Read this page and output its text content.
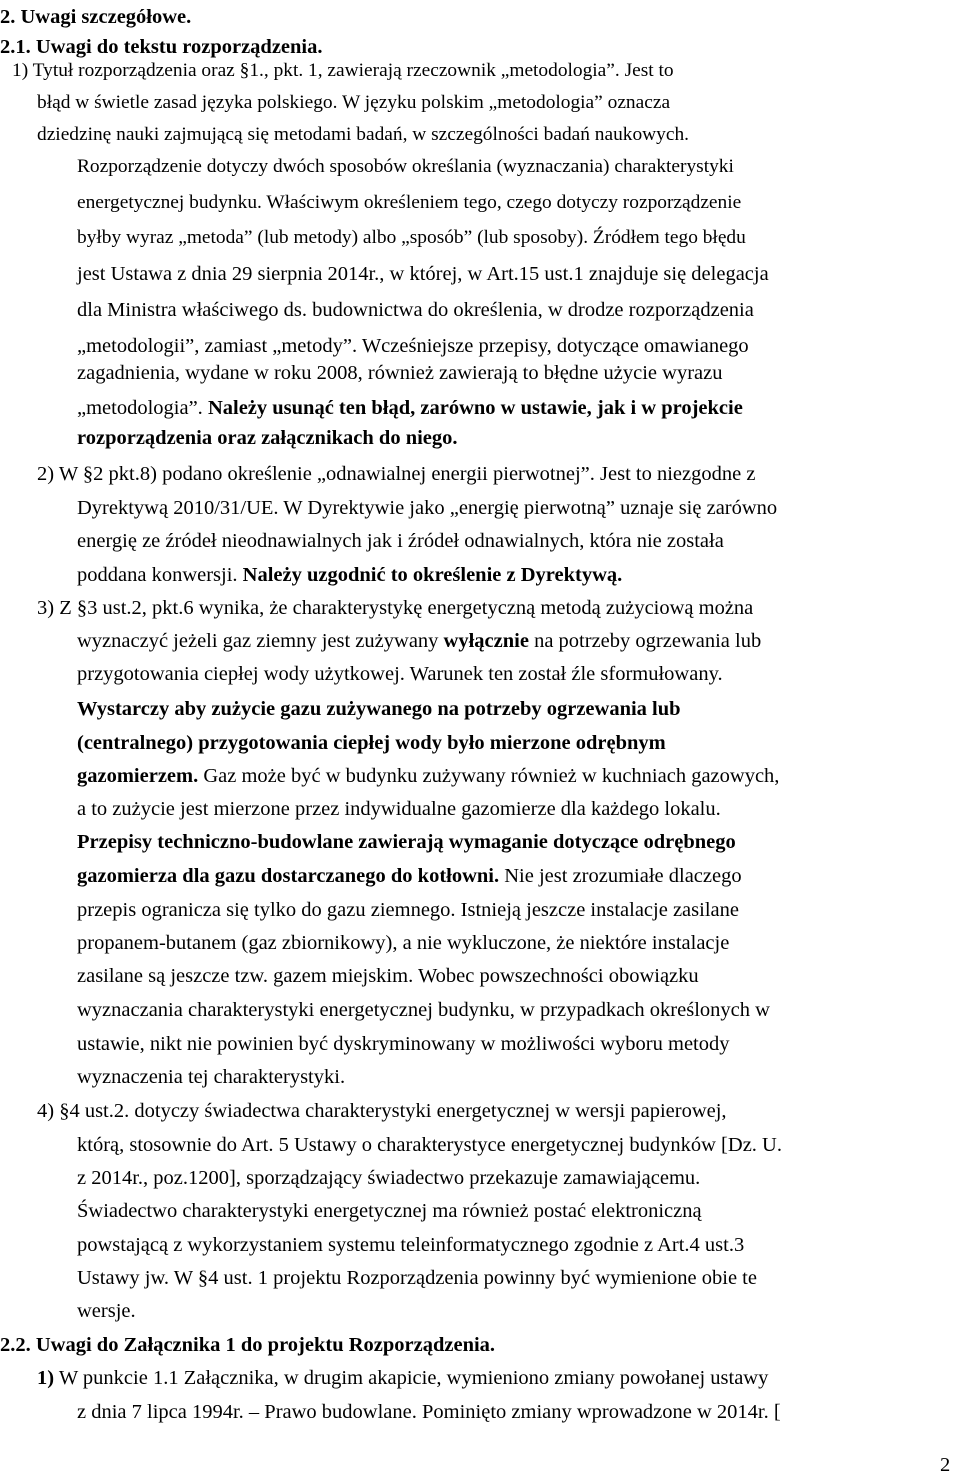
2. Uwagi szczegółowe.
2.1. Uwagi do tekstu rozporządzenia.
1) Tytuł rozporządzenia oraz §1., pkt. 1, zawierają rzeczownik „metodologia”. Jest to
błąd w świetle zasad języka polskiego. W języku polskim „metodologia” oznacza
dziedzinę nauki zajmującą się metodami badań, w szczególności badań naukowych.
Rozporządzenie dotyczy dwóch sposobów określania (wyznaczania) charakterystyki
energetycznej budynku. Właściwym określeniem tego, czego dotyczy rozporządzenie
byłby wyraz „metoda” (lub metody) albo „sposób” (lub sposoby). Źródłem tego błędu
jest Ustawa z dnia 29 sierpnia 2014r., w której, w Art.15 ust.1 znajduje się delegacja
dla Ministra właściwego ds. budownictwa do określenia, w drodze rozporządzenia
„metodologii”, zamiast „metody”. Wcześniejsze przepisy, dotyczące omawianego
zagadnienia, wydane w roku 2008, również zawierają to błędne użycie wyrazu
„metodologia”. Należy usunąć ten błąd, zarówno w ustawie, jak i w projekcie
rozporządzenia oraz załącznikach do niego.
2) W §2 pkt.8) podano określenie „odnawialnej energii pierwotnej”. Jest to niezgodne z
Dyrektywą 2010/31/UE. W Dyrektywie jako „energię pierwotną” uznaje się zarówno
energię ze źródeł nieodnawialnych jak i źródeł odnawialnych, która nie została
poddana konwersji. Należy uzgodnić to określenie z Dyrektywą.
3) Z §3 ust.2, pkt.6 wynika, że charakterystykę energetyczną metodą zużyciową można
wyznaczyć jeżeli gaz ziemny jest zużywany wyłącznie na potrzeby ogrzewania lub
przygotowania ciepłej wody użytkowej. Warunek ten został źle sformułowany.
Wystarczy aby zużycie gazu zużywanego na potrzeby ogrzewania lub
(centralnego) przygotowania ciepłej wody było mierzone odrębnym
gazomierzem. Gaz może być w budynku zużywany również w kuchniach gazowych,
a to zużycie jest mierzone przez indywidualne gazomierze dla każdego lokalu.
Przepisy techniczno-budowlane zawierają wymaganie dotyczące odrębnego
gazomierza dla gazu dostarczanego do kotłowni. Nie jest zrozumiałe dlaczego
przepis ogranicza się tylko do gazu ziemnego. Istnieją jeszcze instalacje zasilane
propanem-butanem (gaz zbiornikowy), a nie wykluczone, że niektóre instalacje
zasilane są jeszcze tzw. gazem miejskim. Wobec powszechności obowiązku
wyznaczania charakterystyki energetycznej budynku, w przypadkach określonych w
ustawie, nikt nie powinien być dyskryminowany w możliwości wyboru metody
wyznaczenia tej charakterystyki.
4) §4 ust.2. dotyczy świadectwa charakterystyki energetycznej w wersji papierowej,
którą, stosownie do Art. 5 Ustawy o charakterystyce energetycznej budynków [Dz. U.
z 2014r., poz.1200], sporządzający świadectwo przekazuje zamawiającemu.
Świadectwo charakterystyki energetycznej ma również postać elektroniczną
powstającą z wykorzystaniem systemu teleinformatycznego zgodnie z Art.4 ust.3
Ustawy jw. W §4 ust. 1 projektu Rozporządzenia powinny być wymienione obie te
wersje.
2.2. Uwagi do Załącznika 1 do projektu Rozporządzenia.
1) W punkcie 1.1 Załącznika, w drugim akapicie, wymieniono zmiany powołanej ustawy
z dnia 7 lipca 1994r. – Prawo budowlane. Pominięto zmiany wprowadzone w 2014r. [
2
